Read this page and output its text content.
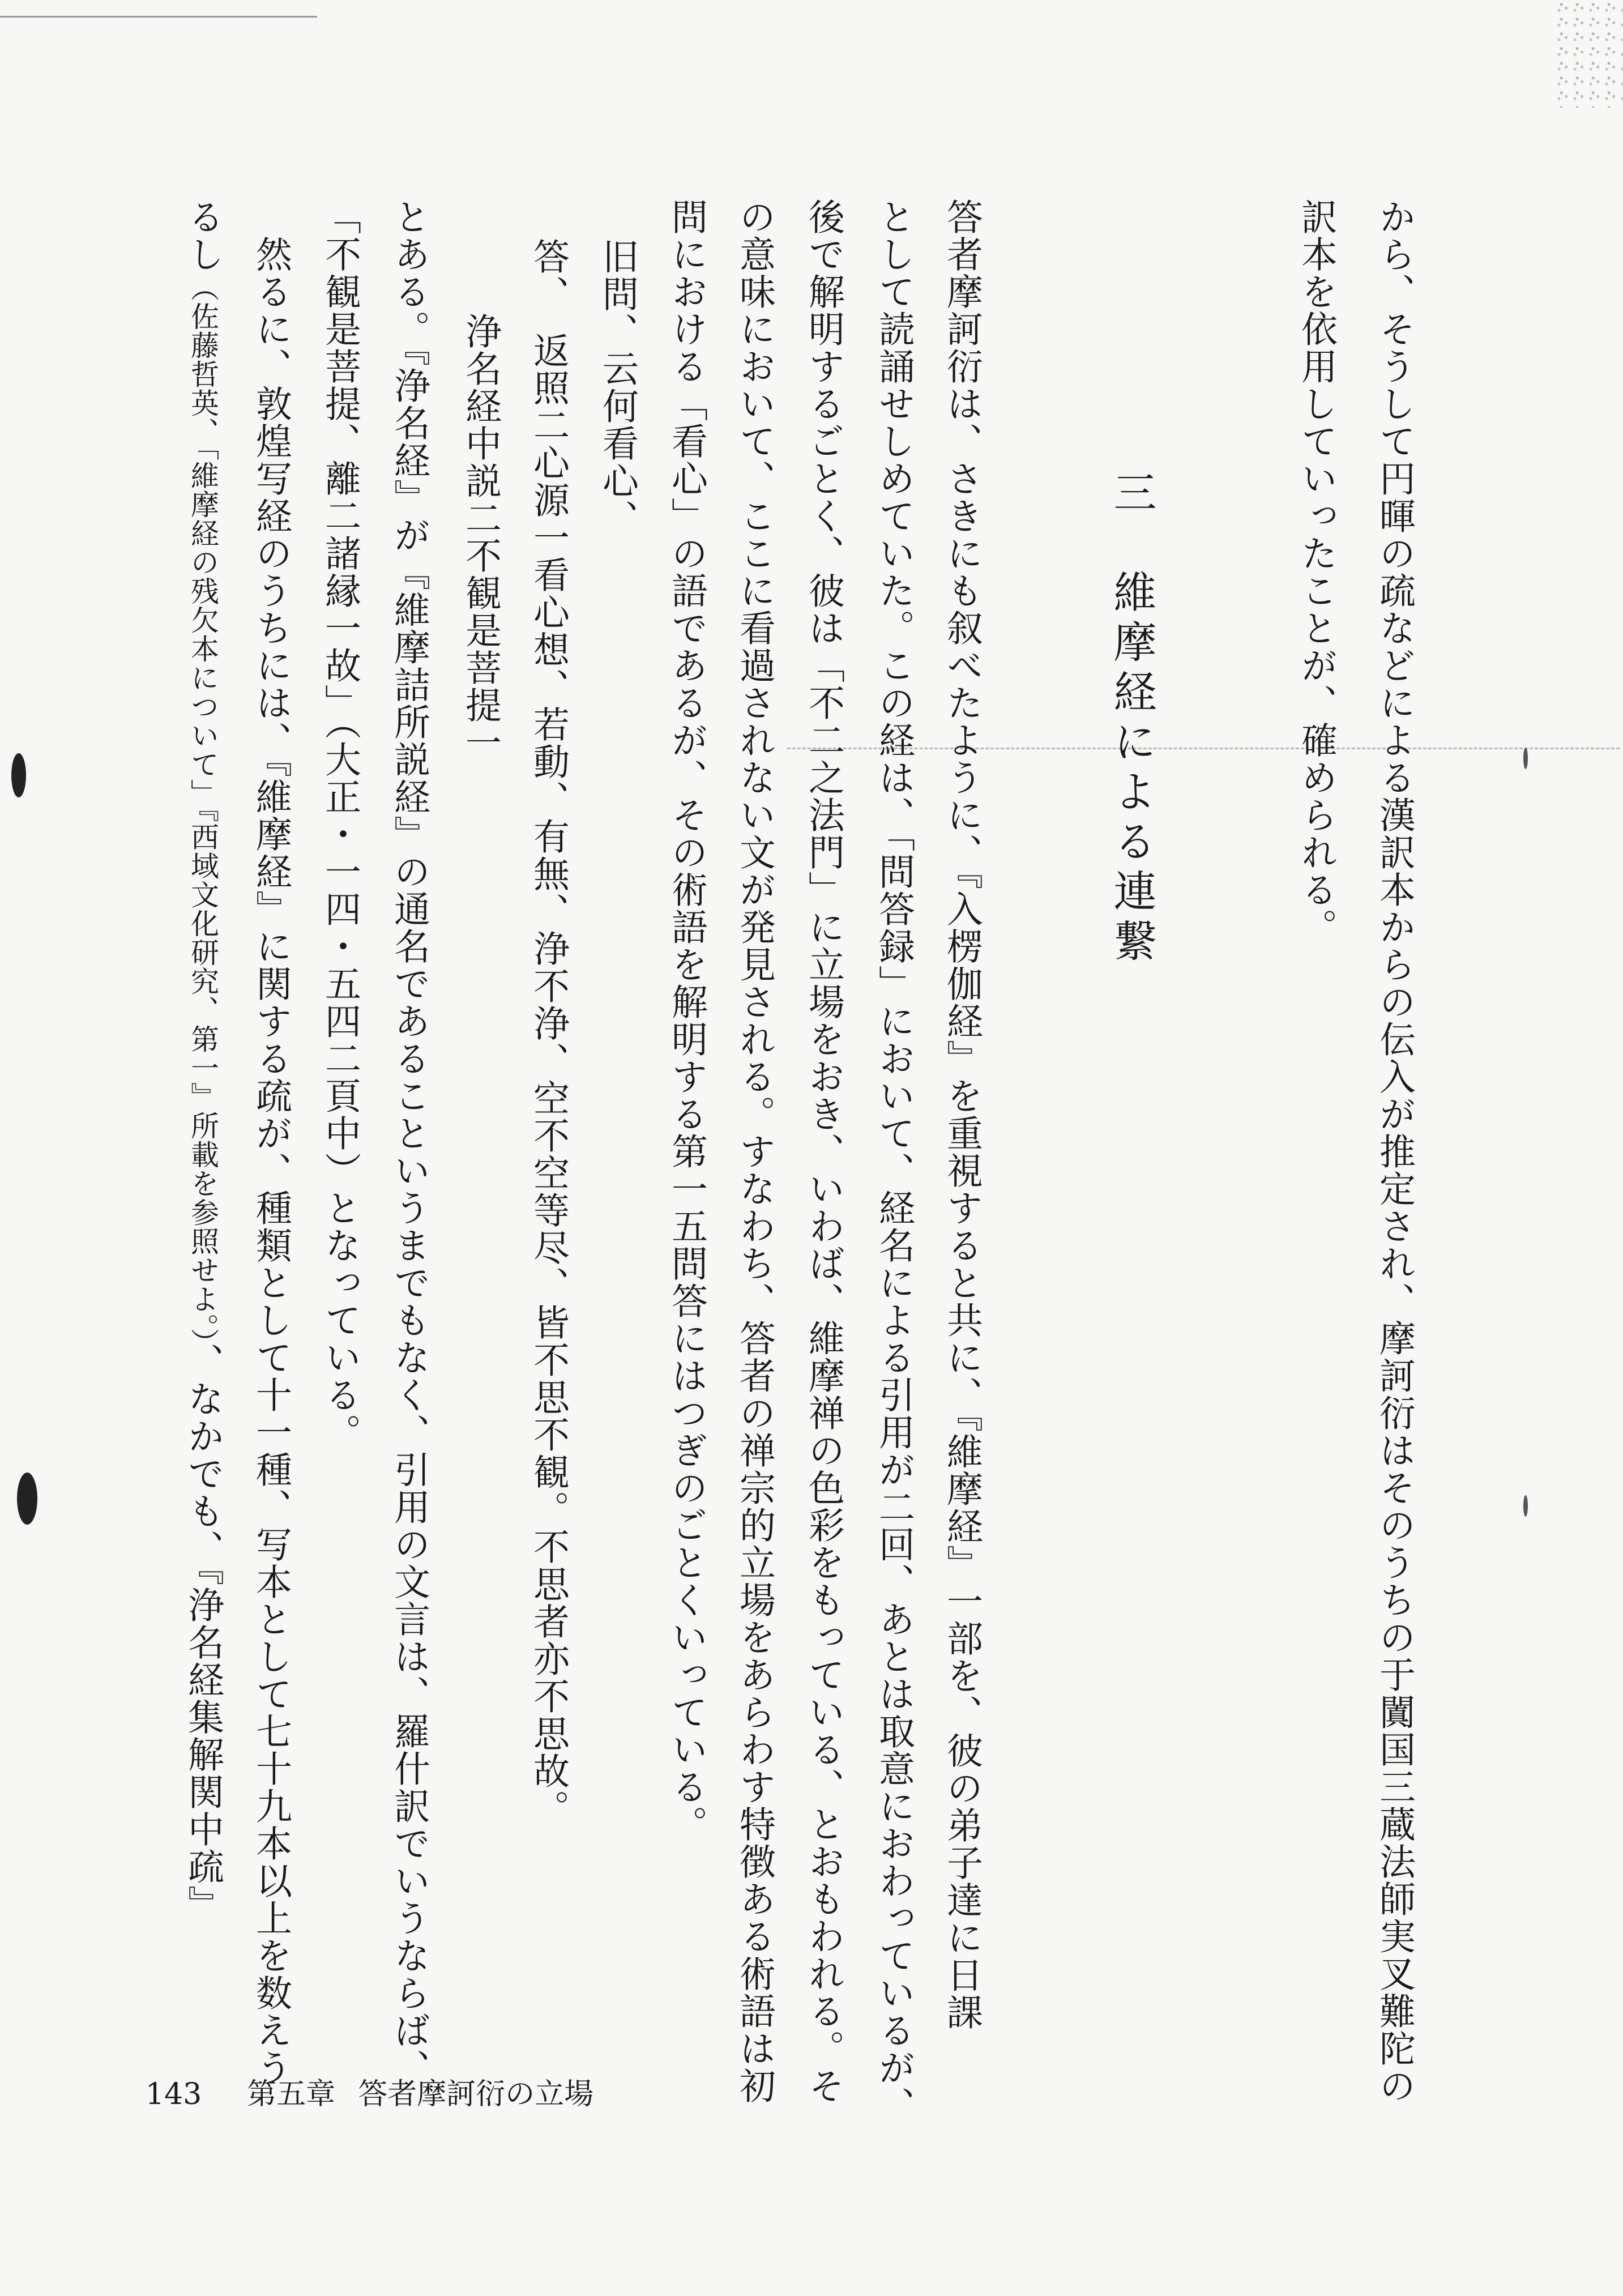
から、そうして円暉の疏などによる漢訳本からの伝入が推定され、摩訶衍はそのうちの于闐国三蔵法師実叉難陀の
訳本を依用していったことが、確められる。
三　維摩経による連繋
答者摩訶衍は、さきにも叙べたように、『入楞伽経』を重視すると共に、『維摩経』一部を、彼の弟子達に日課
として読誦せしめていた。この経は、「問答録」において、経名による引用が二回、あとは取意におわっているが、
後で解明するごとく、彼は「不二之法門」に立場をおき、いわば、維摩禅の色彩をもっている、とおもわれる。そ
の意味において、ここに看過されない文が発見される。すなわち、答者の禅宗的立場をあらわす特徴ある術語は初
問における「看心」の語であるが、その術語を解明する第一五問答にはつぎのごとくいっている。
旧問、云何看心、
答、　返照二心源一看心想、若動、有無、浄不浄、空不空等尽、皆不思不観。不思者亦不思故。
　　浄名経中説二不観是菩提一
とある。『浄名経』が『維摩詰所説経』の通名であるこというまでもなく、引用の文言は、羅什訳でいうならば、
「不観是菩提、離二諸縁一故」（大正・一四・五四二頁中）となっている。
　然るに、敦煌写経のうちには、『維摩経』に関する疏が、種類として十一種、写本として七十九本以上を数えう
るし（佐藤哲英、「維摩経の残欠本について」『西域文化研究、第一』所載を参照せよ。）、なかでも、『浄名経集解関中疏』
143 第五章 答者摩訶衍の立場
